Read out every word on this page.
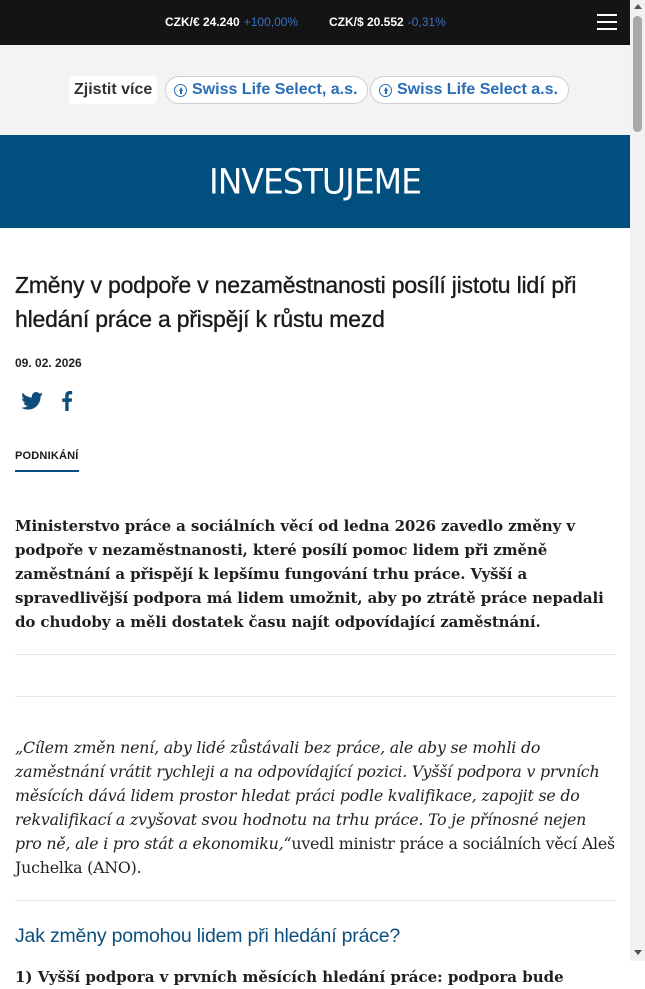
CZK/€ 24.240 +100,00%	CZK/$ 20.552 -0,31%
Zjistit více	Swiss Life Select, a.s. Swiss Life Select a.s.
INVESTUJEME
Změny v podpoře v nezaměstnanosti posílí jistotu lidí při hledání práce a přispějí k růstu mezd
09. 02. 2026
PODNIKÁNÍ

Ministerstvo práce a sociálních věcí od ledna 2026 zavedlo změny v podpoře v nezaměstnanosti, které posílí pomoc lidem při změně zaměstnání a přispějí k lepšímu fungování trhu práce. Vyšší a spravedlivější podpora má lidem umožnit, aby po ztrátě práce nepadali do chudoby a měli dostatek času najít odpovídající zaměstnání.

„Cílem změn není, aby lidé zůstávali bez práce, ale aby se mohli do zaměstnání vrátit rychleji a na odpovídající pozici. Vyšší podpora v prvních měsících dává lidem prostor hledat práci podle kvalifikace, zapojit se do rekvalifikací a zvyšovat svou hodnotu na trhu práce. To je přínosné nejen pro ně, ale i pro stát a ekonomiku,“uvedl ministr práce a sociálních věcí Aleš Juchelka (ANO).

Jak změny pomohou lidem při hledání práce?

1) Vyšší podpora v prvních měsících hledání práce: podpora bude
